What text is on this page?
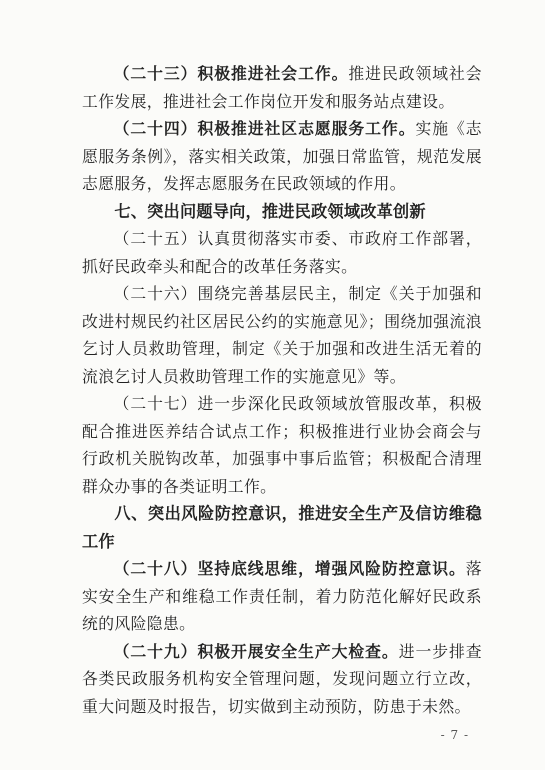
（二十三）积极推进社会工作。推进民政领域社会工作发展，推进社会工作岗位开发和服务站点建设。

（二十四）积极推进社区志愿服务工作。实施《志愿服务条例》，落实相关政策，加强日常监管，规范发展志愿服务，发挥志愿服务在民政领域的作用。

七、突出问题导向，推进民政领域改革创新

（二十五）认真贯彻落实市委、市政府工作部署，抓好民政牵头和配合的改革任务落实。

（二十六）围绕完善基层民主，制定《关于加强和改进村规民约社区居民公约的实施意见》；围绕加强流浪乞讨人员救助管理，制定《关于加强和改进生活无着的流浪乞讨人员救助管理工作的实施意见》等。

（二十七）进一步深化民政领域放管服改革，积极配合推进医养结合试点工作；积极推进行业协会商会与行政机关脱钩改革，加强事中事后监管；积极配合清理群众办事的各类证明工作。

八、突出风险防控意识，推进安全生产及信访维稳工作

（二十八）坚持底线思维，增强风险防控意识。落实安全生产和维稳工作责任制，着力防范化解好民政系统的风险隐患。

（二十九）积极开展安全生产大检查。进一步排查各类民政服务机构安全管理问题，发现问题立行立改，重大问题及时报告，切实做到主动预防，防患于未然。

- 7 -
